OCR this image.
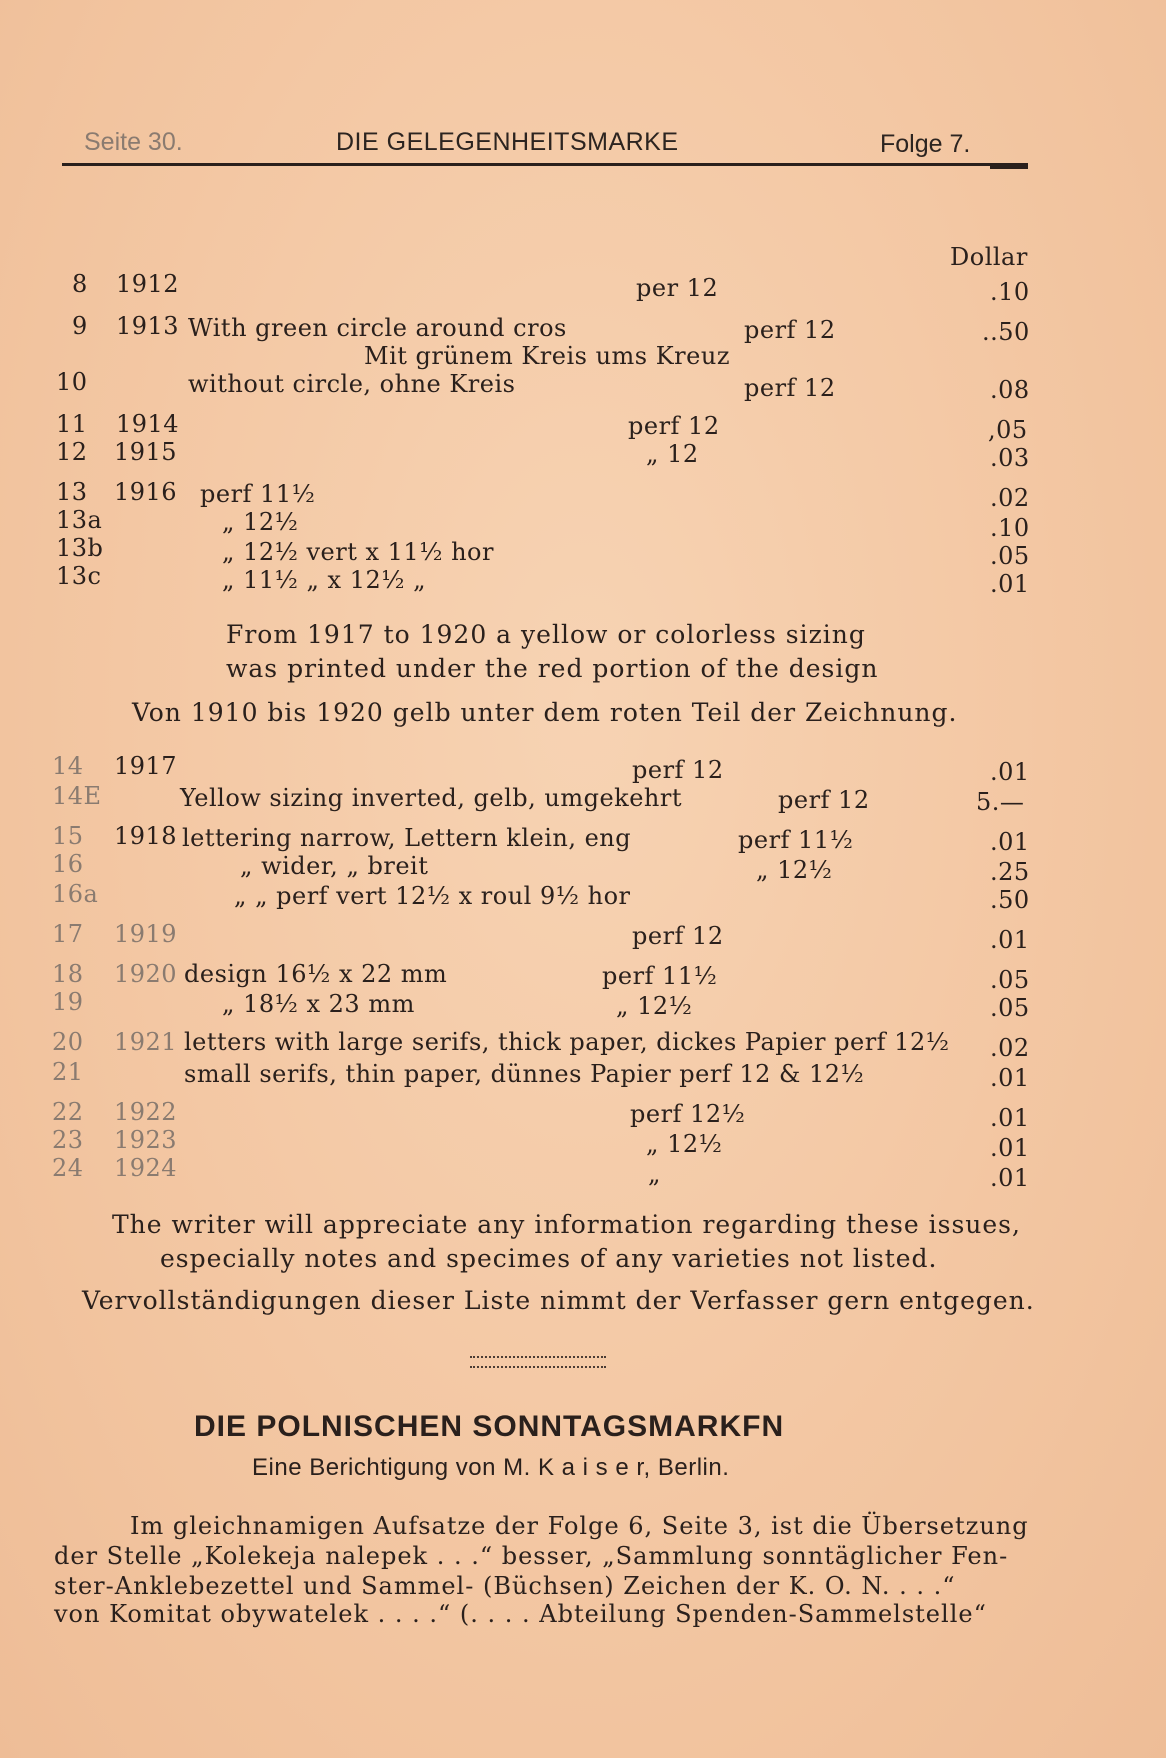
Seite 30.	DIE GELEGENHEITSMARKE	Folge 7.
Dollar
8 1912	per 12	.10
9 1913 With green circle around cros	perf 12	..50
Mit grünem Kreis ums Kreuz
10	without circle, ohne Kreis	perf 12	.08
11 1914	perf 12	,05
12 1915	„ 12	.03
13 1916 perf 11½	.02
13a	„ 12½	.10
13b	„ 12½ vert x 11½ hor	.05
13c	„ 11½ „ x 12½ „	.01
From 1917 to 1920 a yellow or colorless sizing
was printed under the red portion of the design
Von 1910 bis 1920 gelb unter dem roten Teil der Zeichnung.
14 1917	perf 12	.01
14E	Yellow sizing inverted, gelb, umgekehrt	perf 12	5.—
15 1918 lettering narrow, Lettern klein, eng	perf 11½	.01
16	„ wider, „ breit	„ 12½	.25
16a	„ „ perf vert 12½ x roul 9½ hor	.50
17 1919	perf 12	.01
18 1920 design 16½ x 22 mm	perf 11½	.05
19	„ 18½ x 23 mm	„ 12½	.05
20 1921 letters with large serifs, thick paper, dickes Papier perf 12½ .02
21	small serifs, thin paper, dünnes Papier perf 12 & 12½	.01
22 1922	perf 12½	.01
23 1923	„ 12½	.01
24 1924	„	.01
The writer will appreciate any information regarding these issues,
especially notes and specimes of any varieties not listed.
Vervollständigungen dieser Liste nimmt der Verfasser gern entgegen.
DIE POLNISCHEN SONNTAGSMARKFN
Eine Berichtigung von M. K a i s e r, Berlin.
Im gleichnamigen Aufsatze der Folge 6, Seite 3, ist die Übersetzung
der Stelle „Kolekeja nalepek . . .“ besser, „Sammlung sonntäglicher Fen-
ster-Anklebezettel und Sammel- (Büchsen) Zeichen der K. O. N. . . .“
von Komitat obywatelek . . . .“ (. . . . Abteilung Spenden-Sammelstelle“
